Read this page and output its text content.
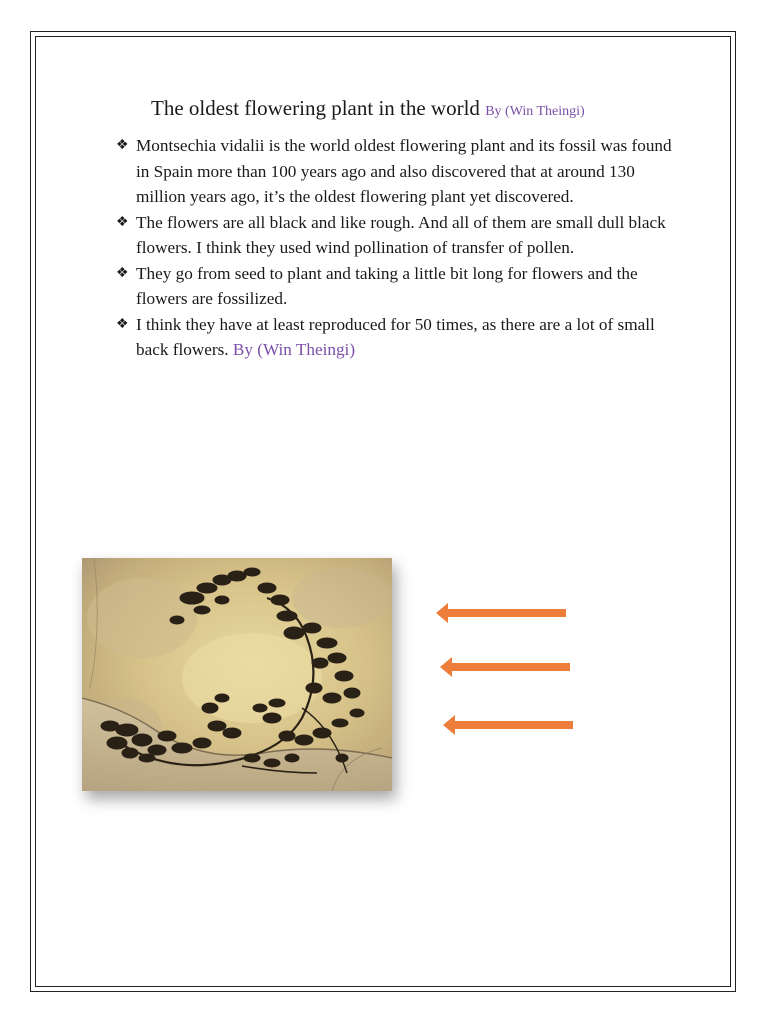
The oldest flowering plant in the world By (Win Theingi)
❖ Montsechia vidalii is the world oldest flowering plant and its fossil was found in Spain more than 100 years ago and also discovered that at around 130 million years ago, it’s the oldest flowering plant yet discovered.
❖ The flowers are all black and like rough. And all of them are small dull black flowers. I think they used wind pollination of transfer of pollen.
❖ They go from seed to plant and taking a little bit long for flowers and the flowers are fossilized.
❖ I think they have at least reproduced for 50 times, as there are a lot of small back flowers. By (Win Theingi)
